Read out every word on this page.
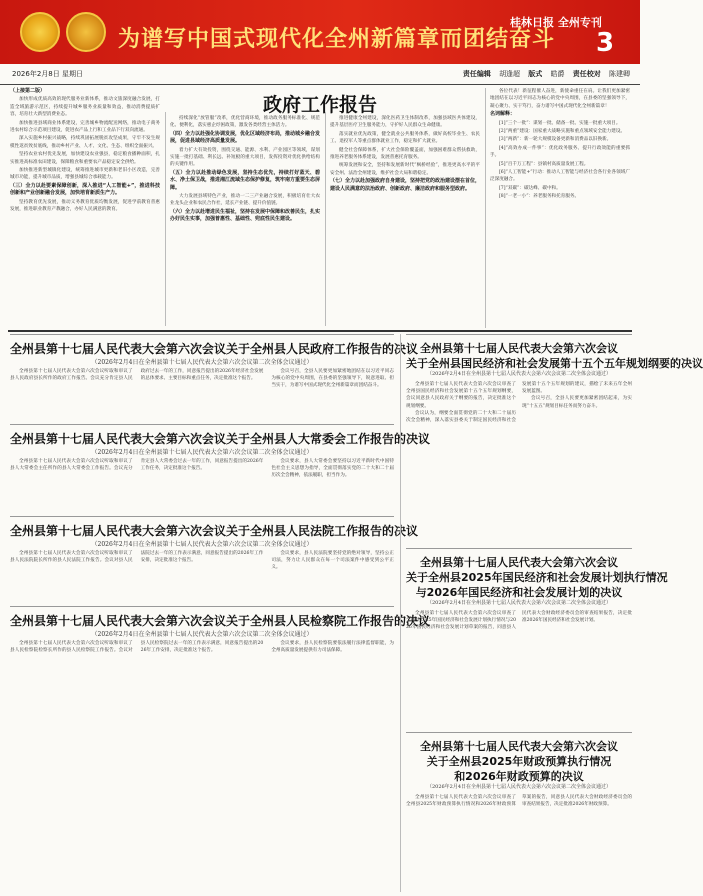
为谱写中国式现代化全州新篇章而团结奋斗
桂林日报 全州专刊
3
2026年2月8日 星期日	责任编辑 胡逢超 版式 皓爵 责任校对 陈建卿
政府工作报告

（上接第二版）

加快形成优质高效的现代服务业新体系，推动文旅深度融合发展，打造全域旅游示范区，持续提升城乡服务业质量和效益，推动消费提质扩容，培育壮大新型消费业态。

加快推进县域商业体系建设，完善城乡物流配送网络，推动电子商务进农村综合示范项目建设，促进农产品上行和工业品下行双向流通。

深入实施乡村振兴战略，持续巩固拓展脱贫攻坚成果，守牢不发生规模性返贫致贫底线，推动乡村产业、人才、文化、生态、组织全面振兴。

坚持农业农村优先发展，加快建设农业强县，稳定粮食播种面积，扎实推进高标准农田建设，保障粮食和重要农产品稳定安全供给。

加快推进新型城镇化建设，统筹推进城市更新和老旧小区改造，完善城市功能，提升城市品质，增强县城综合承载能力。

（三）全力以赴要素保障创新，深入推进“人工智能+”，推进科技创新和产业创新融合发展，加快培育新质生产力。

坚持教育优先发展，推动义务教育优质均衡发展，促进学前教育普惠发展，推进职业教育产教融合，办好人民满意的教育。

持续深化“放管服”改革，优化营商环境，推动政务服务标准化、规范化、便利化，落实惠企纾困政策，激发各类经营主体活力。

（四）全力以赴强化协调发展，优化区域经济布局，推动城乡融合发展，促进县域经济高质量发展。

着力扩大有效投资，围绕交通、能源、水利、产业园区等领域，谋划实施一批打基础、利长远、补短板的重大项目，发挥投资对优化供给结构的关键作用。

（五）全力以赴推动绿色发展，坚持生态优先，持续打好蓝天、碧水、净土保卫战，推进湘江流域生态保护修复，筑牢南方重要生态屏障。

大力发展县域特色产业，推动一二三产业融合发展，积极培育壮大农业龙头企业和农民合作社，延长产业链、提升价值链。

（六）全力以赴增进民生福祉，坚持在发展中保障和改善民生，扎实办好民生实事，加强普惠性、基础性、兜底性民生建设。

推进健康全州建设，深化医药卫生体制改革，加强县域医共体建设，提升基层医疗卫生服务能力，守护好人民群众生命健康。

落实就业优先政策，健全就业公共服务体系，做好高校毕业生、农民工、退役军人等重点群体就业工作，稳定和扩大就业。

健全社会保障体系，扩大社会保险覆盖面，加强困难群众帮扶救助，推进养老服务体系建设，发展普惠托育服务。

统筹发展和安全，坚持和发展新时代“枫桥经验”，推进更高水平的平安全州、法治全州建设，维护社会大局和谐稳定。

（七）全力以赴加强政府自身建设，坚持把党的政治建设摆在首位，建设人民满意的法治政府、创新政府、廉洁政府和服务型政府。

各位代表！新征程催人奋进，新使命重任在肩。让我们更加紧密地团结在以习近平同志为核心的党中央周围，在县委的坚强领导下，凝心聚力、实干笃行，奋力谱写中国式现代化全州新篇章！

名词解释：

[1]“三个一批”：谋划一批、储备一批、实施一批重大项目。

[2]“两重”建设：国家重大战略实施和重点领域安全能力建设。

[3]“两新”：新一轮大规模设备更新和消费品以旧换新。

[4]“高效办成一件事”：优化政务服务、提升行政效能的重要抓手。

[5]“百千万工程”：县镇村高质量发展工程。

[6]“人工智能+”行动：推动人工智能与经济社会各行业各领域广泛深度融合。

[7]“双碳”：碳达峰、碳中和。

[8]“一老一小”：养老服务和托育服务。

全州县第十七届人民代表大会第六次会议关于全州县人民政府工作报告的决议
（2026年2月4日在全州县第十七届人民代表大会第六次会议第二次全体会议通过）

全州县第十七届人民代表大会第六次会议听取和审议了县人民政府县长所作的政府工作报告。会议充分肯定县人民政府过去一年的工作，同意报告提出的2026年经济社会发展的总体要求、主要目标和重点任务，决定批准这个报告。

会议号召，全县人民要更加紧密地团结在以习近平同志为核心的党中央周围，在县委的坚强领导下，锐意进取、担当实干，为谱写中国式现代化全州新篇章而团结奋斗。

全州县第十七届人民代表大会第六次会议关于全州县人大常委会工作报告的决议
（2026年2月4日在全州县第十七届人民代表大会第六次会议第二次全体会议通过）

全州县第十七届人民代表大会第六次会议听取和审议了县人大常委会主任所作的县人大常委会工作报告。会议充分肯定县人大常委会过去一年的工作，同意报告提出的2026年工作任务，决定批准这个报告。

会议要求，县人大常委会要坚持以习近平新时代中国特色社会主义思想为指导，全面贯彻落实党的二十大和二十届历次全会精神，依法履职，担当作为。

全州县第十七届人民代表大会第六次会议关于全州县人民法院工作报告的决议
（2026年2月4日在全州县第十七届人民代表大会第六次会议第二次全体会议通过）

全州县第十七届人民代表大会第六次会议听取和审议了县人民法院院长所作的县人民法院工作报告。会议对县人民法院过去一年的工作表示满意，同意报告提出的2026年工作安排，决定批准这个报告。

会议要求，县人民法院要坚持党的绝对领导，坚持公正司法，努力让人民群众在每一个司法案件中感受到公平正义。

全州县第十七届人民代表大会第六次会议关于全州县人民检察院工作报告的决议
（2026年2月4日在全州县第十七届人民代表大会第六次会议第二次全体会议通过）

全州县第十七届人民代表大会第六次会议听取和审议了县人民检察院检察长所作的县人民检察院工作报告。会议对县人民检察院过去一年的工作表示满意，同意报告提出的2026年工作安排，决定批准这个报告。

会议要求，县人民检察院要依法履行法律监督职能，为全州高质量发展提供有力司法保障。

全州县第十七届人民代表大会第六次会议
关于全州县国民经济和社会发展第十五个五年规划纲要的决议
（2026年2月4日在全州县第十七届人民代表大会第六次会议第二次全体会议通过）

全州县第十七届人民代表大会第六次会议审查了全州县国民经济和社会发展第十五个五年规划纲要，会议同意县人民政府关于纲要的报告，决定批准这个规划纲要。

会议认为，纲要全面贯彻党的二十大和二十届历次全会精神，深入落实县委关于制定国民经济和社会发展第十五个五年规划的建议，描绘了未来五年全州发展蓝图。

会议号召，全县人民要更加紧密团结起来，为实现“十五五”规划目标任务而努力奋斗。

全州县第十七届人民代表大会第六次会议
关于全州县2025年国民经济和社会发展计划执行情况
与2026年国民经济和社会发展计划的决议
（2026年2月4日在全州县第十七届人民代表大会第六次会议第二次全体会议通过）

全州县第十七届人民代表大会第六次会议审查了全州县2025年国民经济和社会发展计划执行情况与2026年国民经济和社会发展计划草案的报告，同意县人民代表大会财政经济委员会的审查结果报告，决定批准2026年国民经济和社会发展计划。

全州县第十七届人民代表大会第六次会议
关于全州县2025年财政预算执行情况
和2026年财政预算的决议
（2026年2月4日在全州县第十七届人民代表大会第六次会议第二次全体会议通过）

全州县第十七届人民代表大会第六次会议审查了全州县2025年财政预算执行情况和2026年财政预算草案的报告，同意县人民代表大会财政经济委员会的审查结果报告，决定批准2026年财政预算。
